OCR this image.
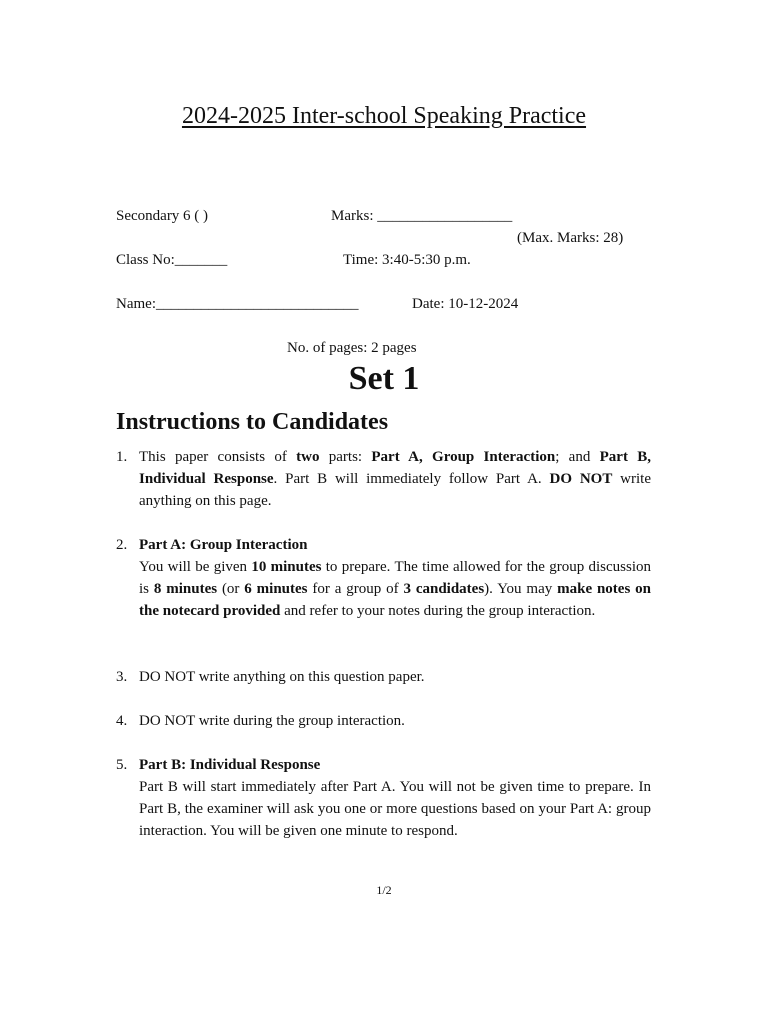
2024-2025 Inter-school Speaking Practice
Secondary 6 ( )	Marks: __________________
(Max. Marks: 28)
Class No:_______	Time: 3:40-5:30 p.m.
Name:___________________________	Date: 10-12-2024
No. of pages: 2 pages
Set 1
Instructions to Candidates
1. This paper consists of two parts: Part A, Group Interaction; and Part B, Individual Response. Part B will immediately follow Part A. DO NOT write anything on this page.
2. Part A: Group Interaction
You will be given 10 minutes to prepare. The time allowed for the group discussion is 8 minutes (or 6 minutes for a group of 3 candidates). You may make notes on the notecard provided and refer to your notes during the group interaction.
3. DO NOT write anything on this question paper.
4. DO NOT write during the group interaction.
5. Part B: Individual Response
Part B will start immediately after Part A. You will not be given time to prepare. In Part B, the examiner will ask you one or more questions based on your Part A: group interaction. You will be given one minute to respond.
1/2
